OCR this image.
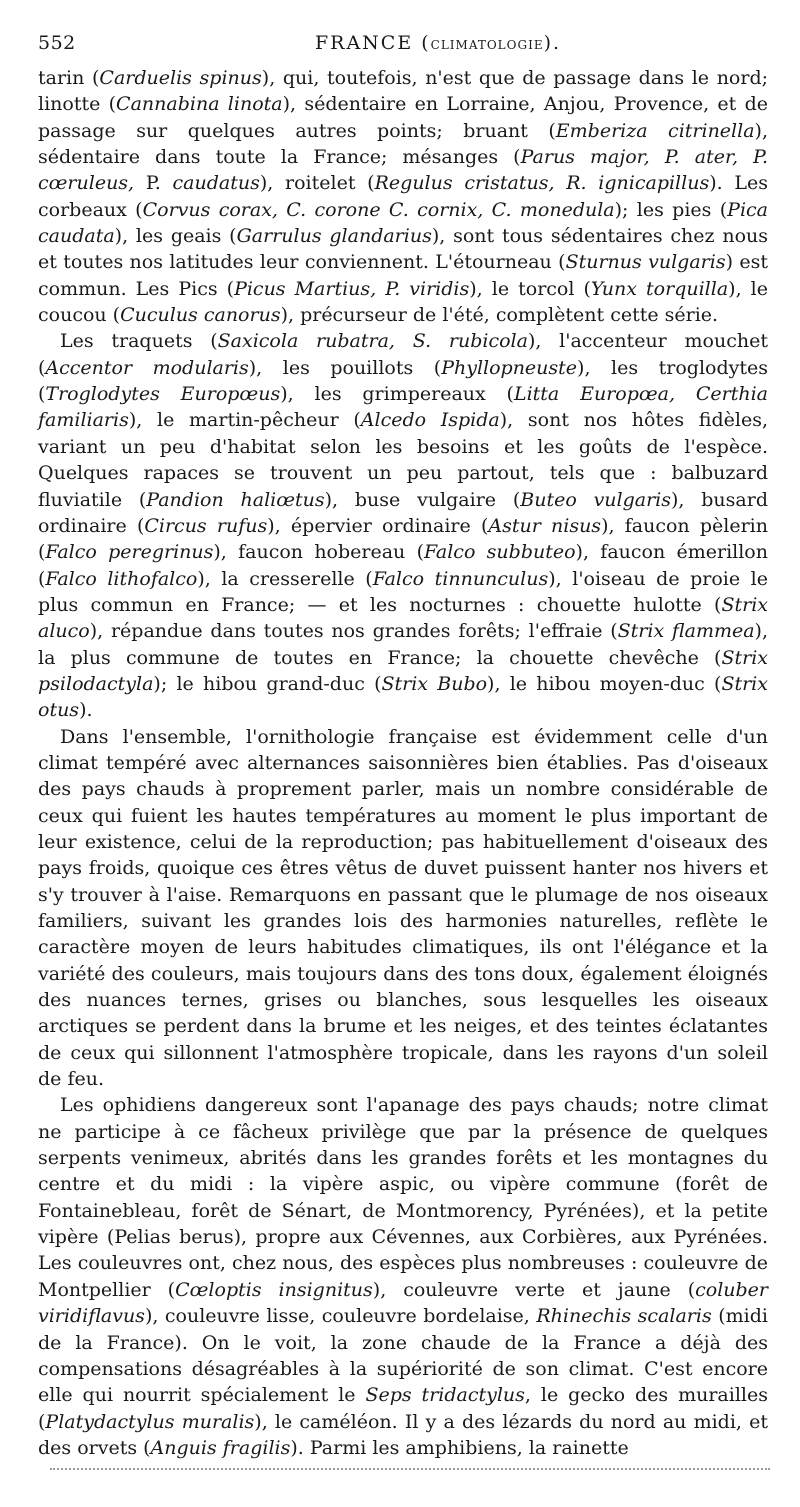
552	FRANCE (CLIMATOLOGIE).

tarin (Carduelis spinus), qui, toutefois, n'est que de passage dans le nord; linotte (Cannabina linota), sédentaire en Lorraine, Anjou, Provence, et de passage sur quelques autres points; bruant (Emberiza citrinella), sédentaire dans toute la France; mésanges (Parus major, P. ater, P. cœruleus, P. caudatus), roitelet (Regulus cristatus, R. ignicapillus). Les corbeaux (Corvus corax, C. corone C. cornix, C. monedula); les pies (Pica caudata), les geais (Garrulus glandarius), sont tous sédentaires chez nous et toutes nos latitudes leur conviennent. L'étourneau (Sturnus vulgaris) est commun. Les Pics (Picus Martius, P. viridis), le torcol (Yunx torquilla), le coucou (Cuculus canorus), précurseur de l'été, complètent cette série.

Les traquets (Saxicola rubatra, S. rubicola), l'accenteur mouchet (Accentor modularis), les pouillots (Phyllopneuste), les troglodytes (Troglodytes Europœus), les grimpereaux (Litta Europœa, Certhia familiaris), le martin-pêcheur (Alcedo Ispida), sont nos hôtes fidèles, variant un peu d'habitat selon les besoins et les goûts de l'espèce. Quelques rapaces se trouvent un peu partout, tels que : balbuzard fluviatile (Pandion haliœtus), buse vulgaire (Buteo vulgaris), busard ordinaire (Circus rufus), épervier ordinaire (Astur nisus), faucon pèlerin (Falco peregrinus), faucon hobereau (Falco subbuteo), faucon émerillon (Falco lithofalco), la cresserelle (Falco tinnunculus), l'oiseau de proie le plus commun en France; — et les nocturnes : chouette hulotte (Strix aluco), répandue dans toutes nos grandes forêts; l'effraie (Strix flammea), la plus commune de toutes en France; la chouette chevêche (Strix psilodactyla); le hibou grand-duc (Strix Bubo), le hibou moyen-duc (Strix otus).

Dans l'ensemble, l'ornithologie française est évidemment celle d'un climat tempéré avec alternances saisonnières bien établies. Pas d'oiseaux des pays chauds à proprement parler, mais un nombre considérable de ceux qui fuient les hautes températures au moment le plus important de leur existence, celui de la reproduction; pas habituellement d'oiseaux des pays froids, quoique ces êtres vêtus de duvet puissent hanter nos hivers et s'y trouver à l'aise. Remarquons en passant que le plumage de nos oiseaux familiers, suivant les grandes lois des harmonies naturelles, reflète le caractère moyen de leurs habitudes climatiques, ils ont l'élégance et la variété des couleurs, mais toujours dans des tons doux, également éloignés des nuances ternes, grises ou blanches, sous lesquelles les oiseaux arctiques se perdent dans la brume et les neiges, et des teintes éclatantes de ceux qui sillonnent l'atmosphère tropicale, dans les rayons d'un soleil de feu.

Les ophidiens dangereux sont l'apanage des pays chauds; notre climat ne participe à ce fâcheux privilège que par la présence de quelques serpents venimeux, abrités dans les grandes forêts et les montagnes du centre et du midi : la vipère aspic, ou vipère commune (forêt de Fontainebleau, forêt de Sénart, de Montmorency, Pyrénées), et la petite vipère (Pelias berus), propre aux Cévennes, aux Corbières, aux Pyrénées. Les couleuvres ont, chez nous, des espèces plus nombreuses : couleuvre de Montpellier (Cœloptis insignitus), couleuvre verte et jaune (coluber viridiflavus), couleuvre lisse, couleuvre bordelaise, Rhinechis scalaris (midi de la France). On le voit, la zone chaude de la France a déjà des compensations désagréables à la supériorité de son climat. C'est encore elle qui nourrit spécialement le Seps tridactylus, le gecko des murailles (Platydactylus muralis), le caméléon. Il y a des lézards du nord au midi, et des orvets (Anguis fragilis). Parmi les amphibiens, la rainette
